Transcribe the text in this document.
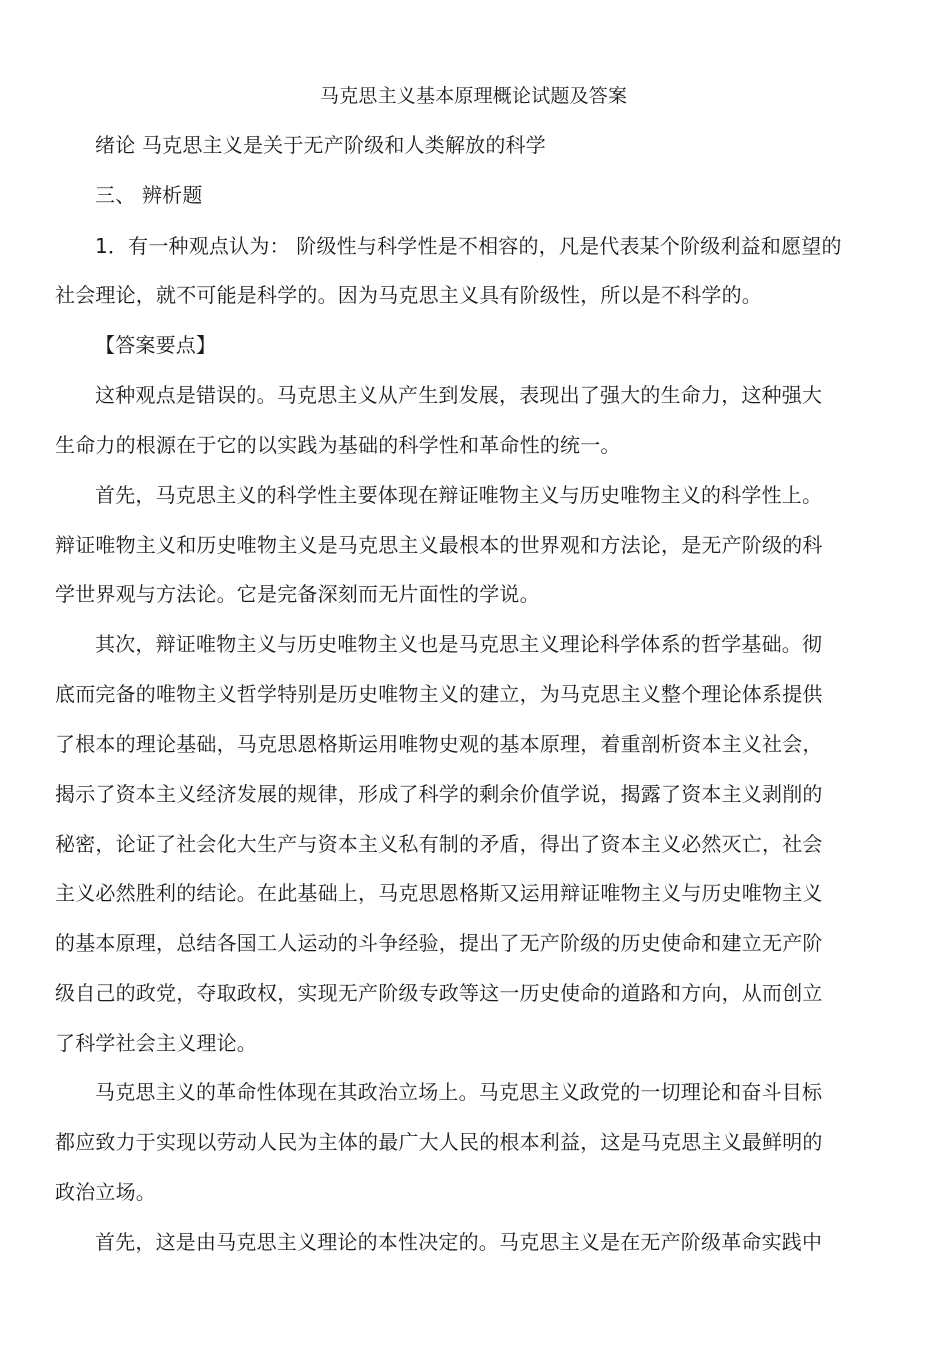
马克思主义基本原理概论试题及答案
绪论 马克思主义是关于无产阶级和人类解放的科学
三、 辨析题
1．有一种观点认为： 阶级性与科学性是不相容的，凡是代表某个阶级利益和愿望的
社会理论，就不可能是科学的。因为马克思主义具有阶级性，所以是不科学的。
【答案要点】
这种观点是错误的。马克思主义从产生到发展，表现出了强大的生命力，这种强大
生命力的根源在于它的以实践为基础的科学性和革命性的统一。
首先，马克思主义的科学性主要体现在辩证唯物主义与历史唯物主义的科学性上。
辩证唯物主义和历史唯物主义是马克思主义最根本的世界观和方法论，是无产阶级的科
学世界观与方法论。它是完备深刻而无片面性的学说。
其次，辩证唯物主义与历史唯物主义也是马克思主义理论科学体系的哲学基础。彻
底而完备的唯物主义哲学特别是历史唯物主义的建立，为马克思主义整个理论体系提供
了根本的理论基础，马克思恩格斯运用唯物史观的基本原理，着重剖析资本主义社会，
揭示了资本主义经济发展的规律，形成了科学的剩余价值学说，揭露了资本主义剥削的
秘密，论证了社会化大生产与资本主义私有制的矛盾，得出了资本主义必然灭亡，社会
主义必然胜利的结论。在此基础上，马克思恩格斯又运用辩证唯物主义与历史唯物主义
的基本原理，总结各国工人运动的斗争经验，提出了无产阶级的历史使命和建立无产阶
级自己的政党，夺取政权，实现无产阶级专政等这一历史使命的道路和方向，从而创立
了科学社会主义理论。
马克思主义的革命性体现在其政治立场上。马克思主义政党的一切理论和奋斗目标
都应致力于实现以劳动人民为主体的最广大人民的根本利益，这是马克思主义最鲜明的
政治立场。
首先，这是由马克思主义理论的本性决定的。马克思主义是在无产阶级革命实践中
